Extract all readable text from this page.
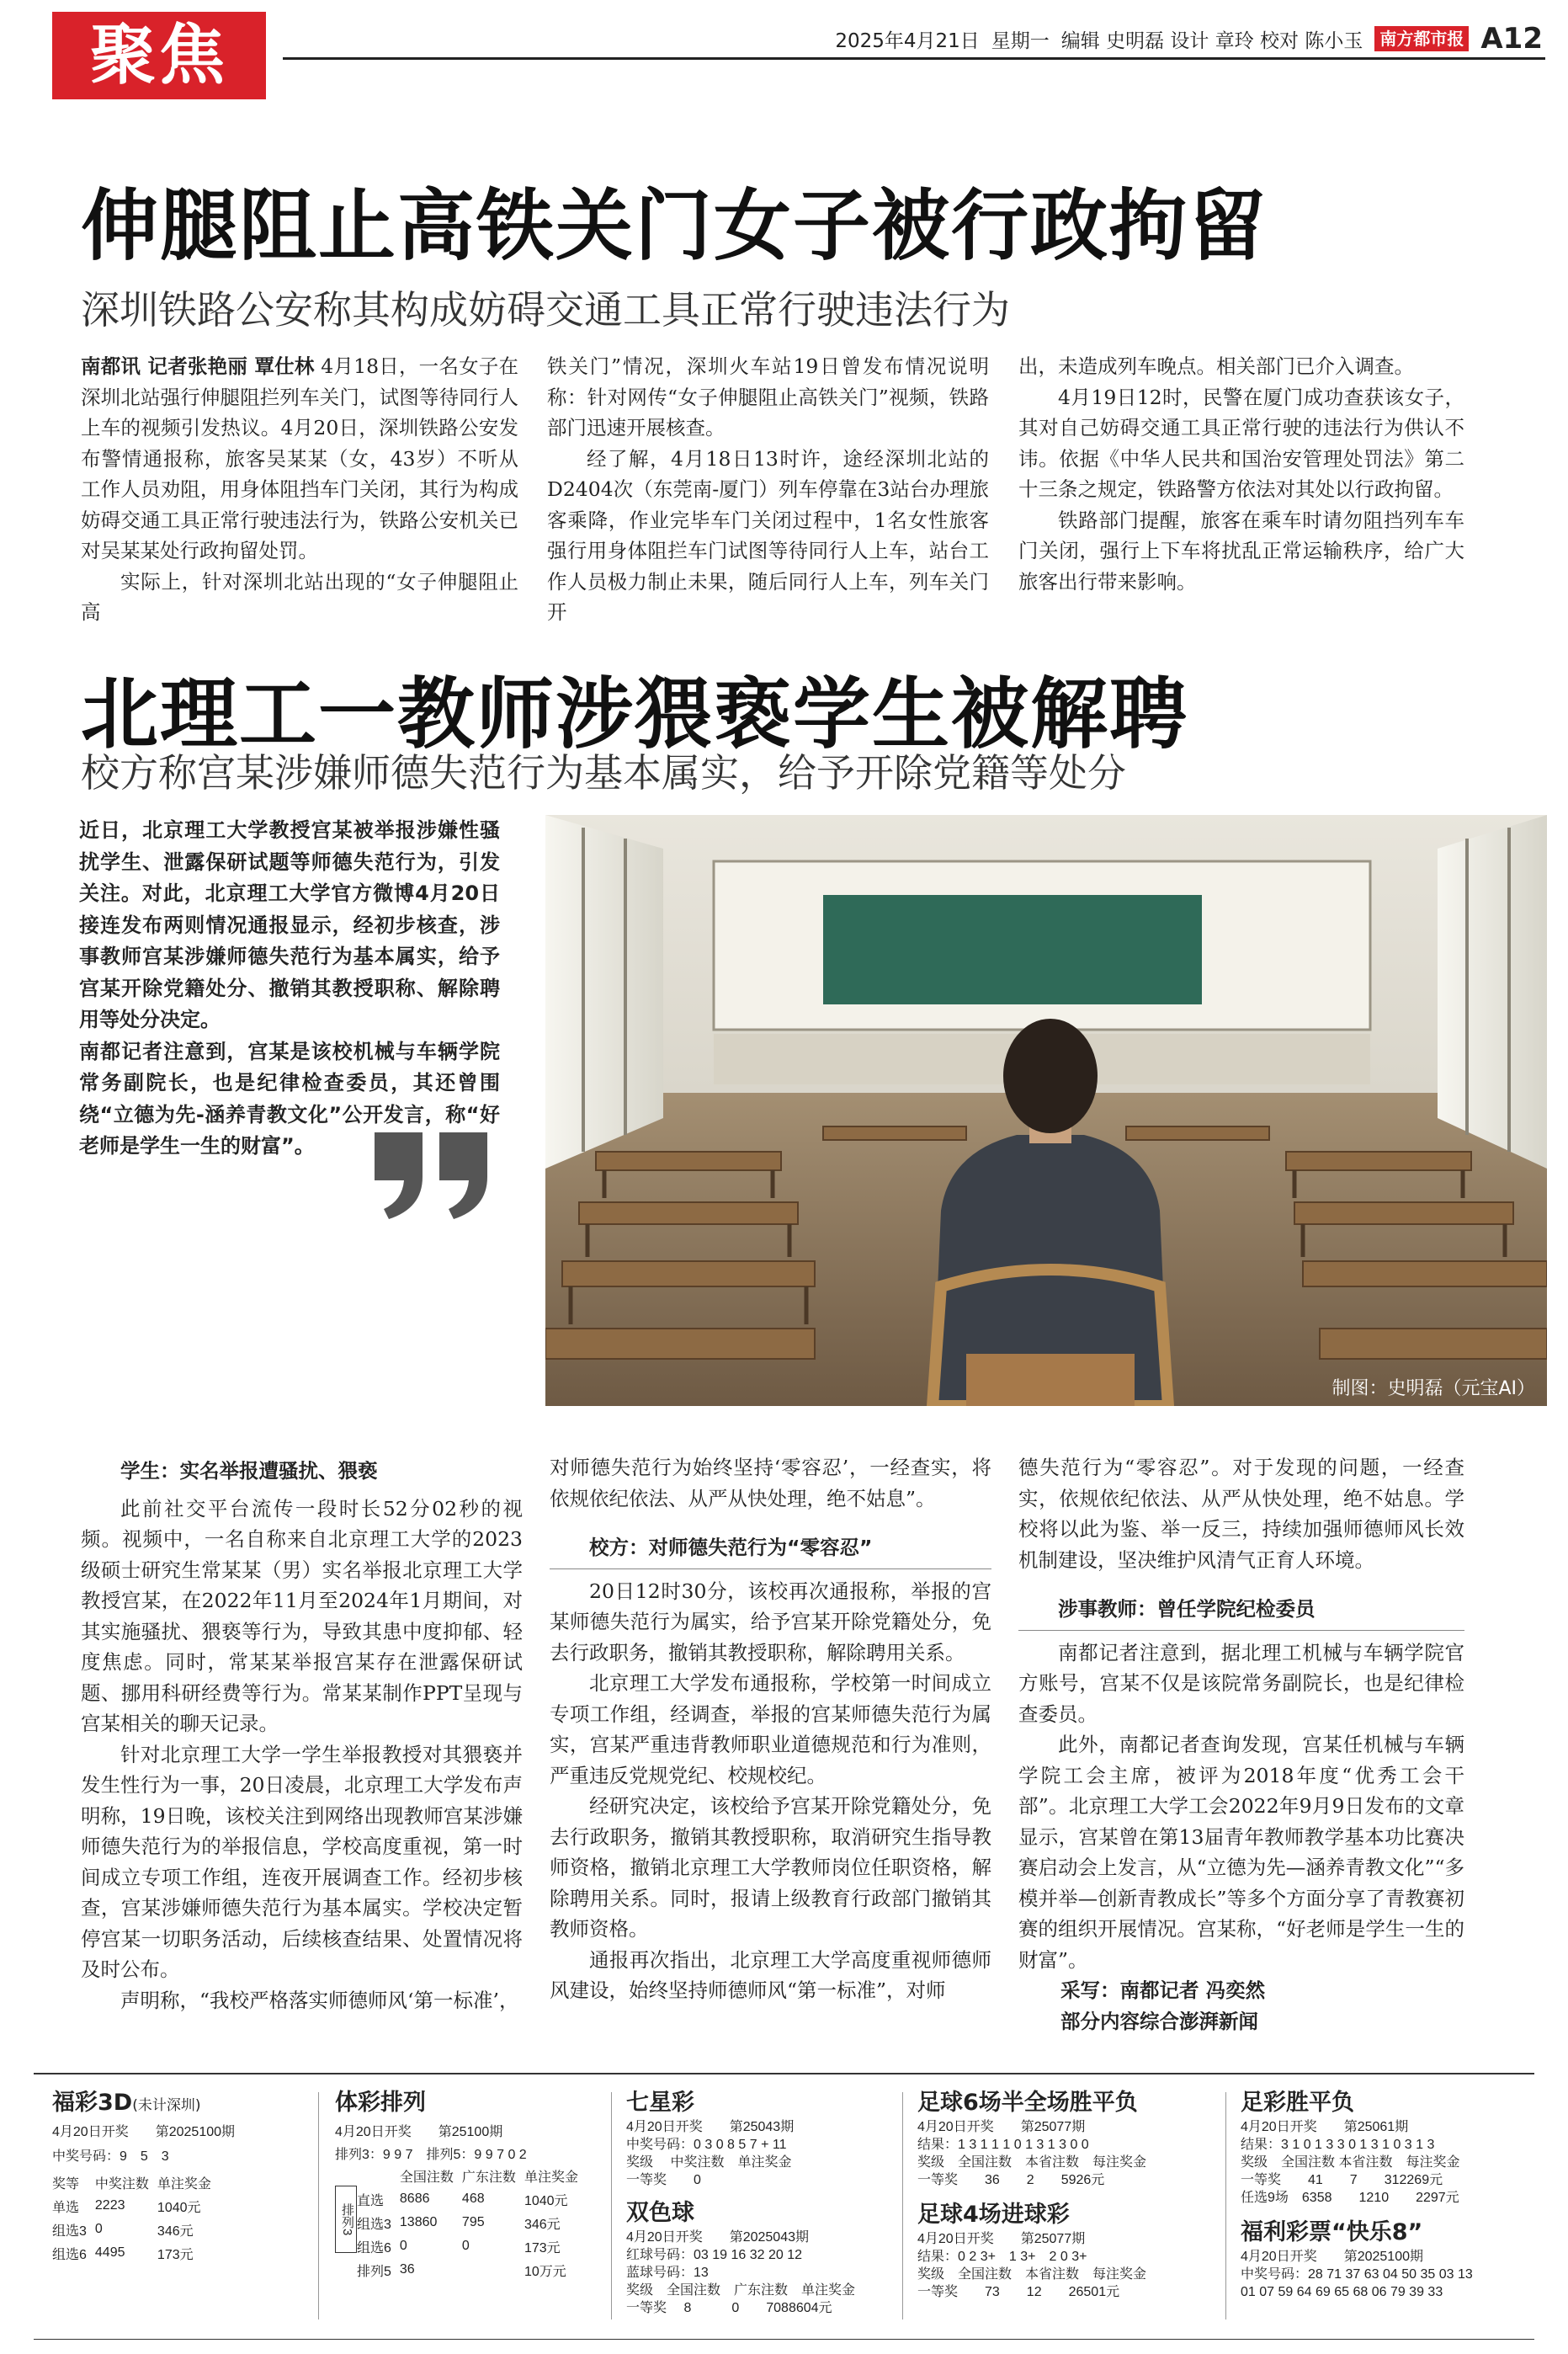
聚焦	2025年4月21日 星期一 编辑 史明磊 设计 章玲 校对 陈小玉	南方都市报 A12
伸腿阻止高铁关门女子被行政拘留
深圳铁路公安称其构成妨碍交通工具正常行驶违法行为

南都讯 记者张艳丽 覃仕林 4月18日，一名女子在深圳北站强行伸腿阻拦列车关门，试图等待同行人上车的视频引发热议。4月20日，深圳铁路公安发布警情通报称，旅客吴某某（女，43岁）不听从工作人员劝阻，用身体阻挡车门关闭，其行为构成妨碍交通工具正常行驶违法行为，铁路公安机关已对吴某某处行政拘留处罚。

实际上，针对深圳北站出现的“女子伸腿阻止高

铁关门”情况，深圳火车站19日曾发布情况说明称：针对网传“女子伸腿阻止高铁关门”视频，铁路部门迅速开展核查。

经了解，4月18日13时许，途经深圳北站的D2404次（东莞南-厦门）列车停靠在3站台办理旅客乘降，作业完毕车门关闭过程中，1名女性旅客强行用身体阻拦车门试图等待同行人上车，站台工作人员极力制止未果，随后同行人上车，列车关门开

出，未造成列车晚点。相关部门已介入调查。

4月19日12时，民警在厦门成功查获该女子，其对自己妨碍交通工具正常行驶的违法行为供认不讳。依据《中华人民共和国治安管理处罚法》第二十三条之规定，铁路警方依法对其处以行政拘留。

铁路部门提醒，旅客在乘车时请勿阻挡列车车门关闭，强行上下车将扰乱正常运输秩序，给广大旅客出行带来影响。

北理工一教师涉猥亵学生被解聘
校方称宫某涉嫌师德失范行为基本属实，给予开除党籍等处分

近日，北京理工大学教授宫某被举报涉嫌性骚扰学生、泄露保研试题等师德失范行为，引发关注。对此，北京理工大学官方微博4月20日接连发布两则情况通报显示，经初步核查，涉事教师宫某涉嫌师德失范行为基本属实，给予宫某开除党籍处分、撤销其教授职称、解除聘用等处分决定。

南都记者注意到，宫某是该校机械与车辆学院常务副院长，也是纪律检查委员，其还曾围绕“立德为先-涵养青教文化”公开发言，称“好老师是学生一生的财富”。

制图：史明磊（元宝AI）

学生：实名举报遭骚扰、猥亵

此前社交平台流传一段时长52分02秒的视频。视频中，一名自称来自北京理工大学的2023级硕士研究生常某某（男）实名举报北京理工大学教授宫某，在2022年11月至2024年1月期间，对其实施骚扰、猥亵等行为，导致其患中度抑郁、轻度焦虑。同时，常某某举报宫某存在泄露保研试题、挪用科研经费等行为。常某某制作PPT呈现与宫某相关的聊天记录。

针对北京理工大学一学生举报教授对其猥亵并发生性行为一事，20日凌晨，北京理工大学发布声明称，19日晚，该校关注到网络出现教师宫某涉嫌师德失范行为的举报信息，学校高度重视，第一时间成立专项工作组，连夜开展调查工作。经初步核查，宫某涉嫌师德失范行为基本属实。学校决定暂停宫某一切职务活动，后续核查结果、处置情况将及时公布。

声明称，“我校严格落实师德师风‘第一标准’，

对师德失范行为始终坚持‘零容忍’，一经查实，将依规依纪依法、从严从快处理，绝不姑息”。

校方：对师德失范行为“零容忍”

20日12时30分，该校再次通报称，举报的宫某师德失范行为属实，给予宫某开除党籍处分，免去行政职务，撤销其教授职称，解除聘用关系。

北京理工大学发布通报称，学校第一时间成立专项工作组，经调查，举报的宫某师德失范行为属实，宫某严重违背教师职业道德规范和行为准则，严重违反党规党纪、校规校纪。

经研究决定，该校给予宫某开除党籍处分，免去行政职务，撤销其教授职称，取消研究生指导教师资格，撤销北京理工大学教师岗位任职资格，解除聘用关系。同时，报请上级教育行政部门撤销其教师资格。

通报再次指出，北京理工大学高度重视师德师风建设，始终坚持师德师风“第一标准”，对师

德失范行为“零容忍”。对于发现的问题，一经查实，依规依纪依法、从严从快处理，绝不姑息。学校将以此为鉴、举一反三，持续加强师德师风长效机制建设，坚决维护风清气正育人环境。

涉事教师：曾任学院纪检委员

南都记者注意到，据北理工机械与车辆学院官方账号，宫某不仅是该院常务副院长，也是纪律检查委员。

此外，南都记者查询发现，宫某任机械与车辆学院工会主席，被评为2018年度“优秀工会干部”。北京理工大学工会2022年9月9日发布的文章显示，宫某曾在第13届青年教师教学基本功比赛决赛启动会上发言，从“立德为先—涵养青教文化”“多模并举—创新青教成长”等多个方面分享了青教赛初赛的组织开展情况。宫某称，“好老师是学生一生的财富”。

采写：南都记者 冯奕然

部分内容综合澎湃新闻

福彩3D(未计深圳)
4月20日开奖　　 第2025100期
中奖号码：9　5　3
奖等	中奖注数	单注奖金
单选	2223	1040元
组选3	0	346元
组选6	4495	173元
体彩排列
4月20日开奖　　 第25100期
排列3：9 9 7　 排列5：9 9 7 0 2
排列3
	全国注数	广东注数	单注奖金
直选	8686	468	1040元
组选3	13860	795	346元
组选6	0	0	173元
排列5	36		10万元
七星彩
4月20日开奖　　第25043期
中奖号码：0 3 0 8 5 7 + 11
奖级　 中奖注数　单注奖金
一等奖　　0
双色球
4月20日开奖　　第2025043期
红球号码：03 19 16 32 20 12
蓝球号码：13
奖级　全国注数　广东注数　单注奖金
一等奖　 8　　　0　　7088604元
足球6场半全场胜平负
4月20日开奖　　第25077期
结果：1 3 1 1 1 0 1 3 1 3 0 0
奖级　全国注数　本省注数　每注奖金
一等奖　　36　　2　　5926元
足球4场进球彩
4月20日开奖　　第25077期
结果：0 2 3+　1 3+　2 0 3+
奖级　全国注数　本省注数　每注奖金
一等奖　　73　　12　　26501元
足彩胜平负
4月20日开奖　　第25061期
结果：3 1 0 1 3 3 0 1 3 1 0 3 1 3
奖级　全国注数 本省注数　每注奖金
一等奖　　41　　7　　312269元
任选9场　6358　　1210　　2297元
福利彩票“快乐8”
4月20日开奖　　第2025100期
中奖号码：28 71 37 63 04 50 35 03 13
01 07 59 64 69 65 68 06 79 39 33
